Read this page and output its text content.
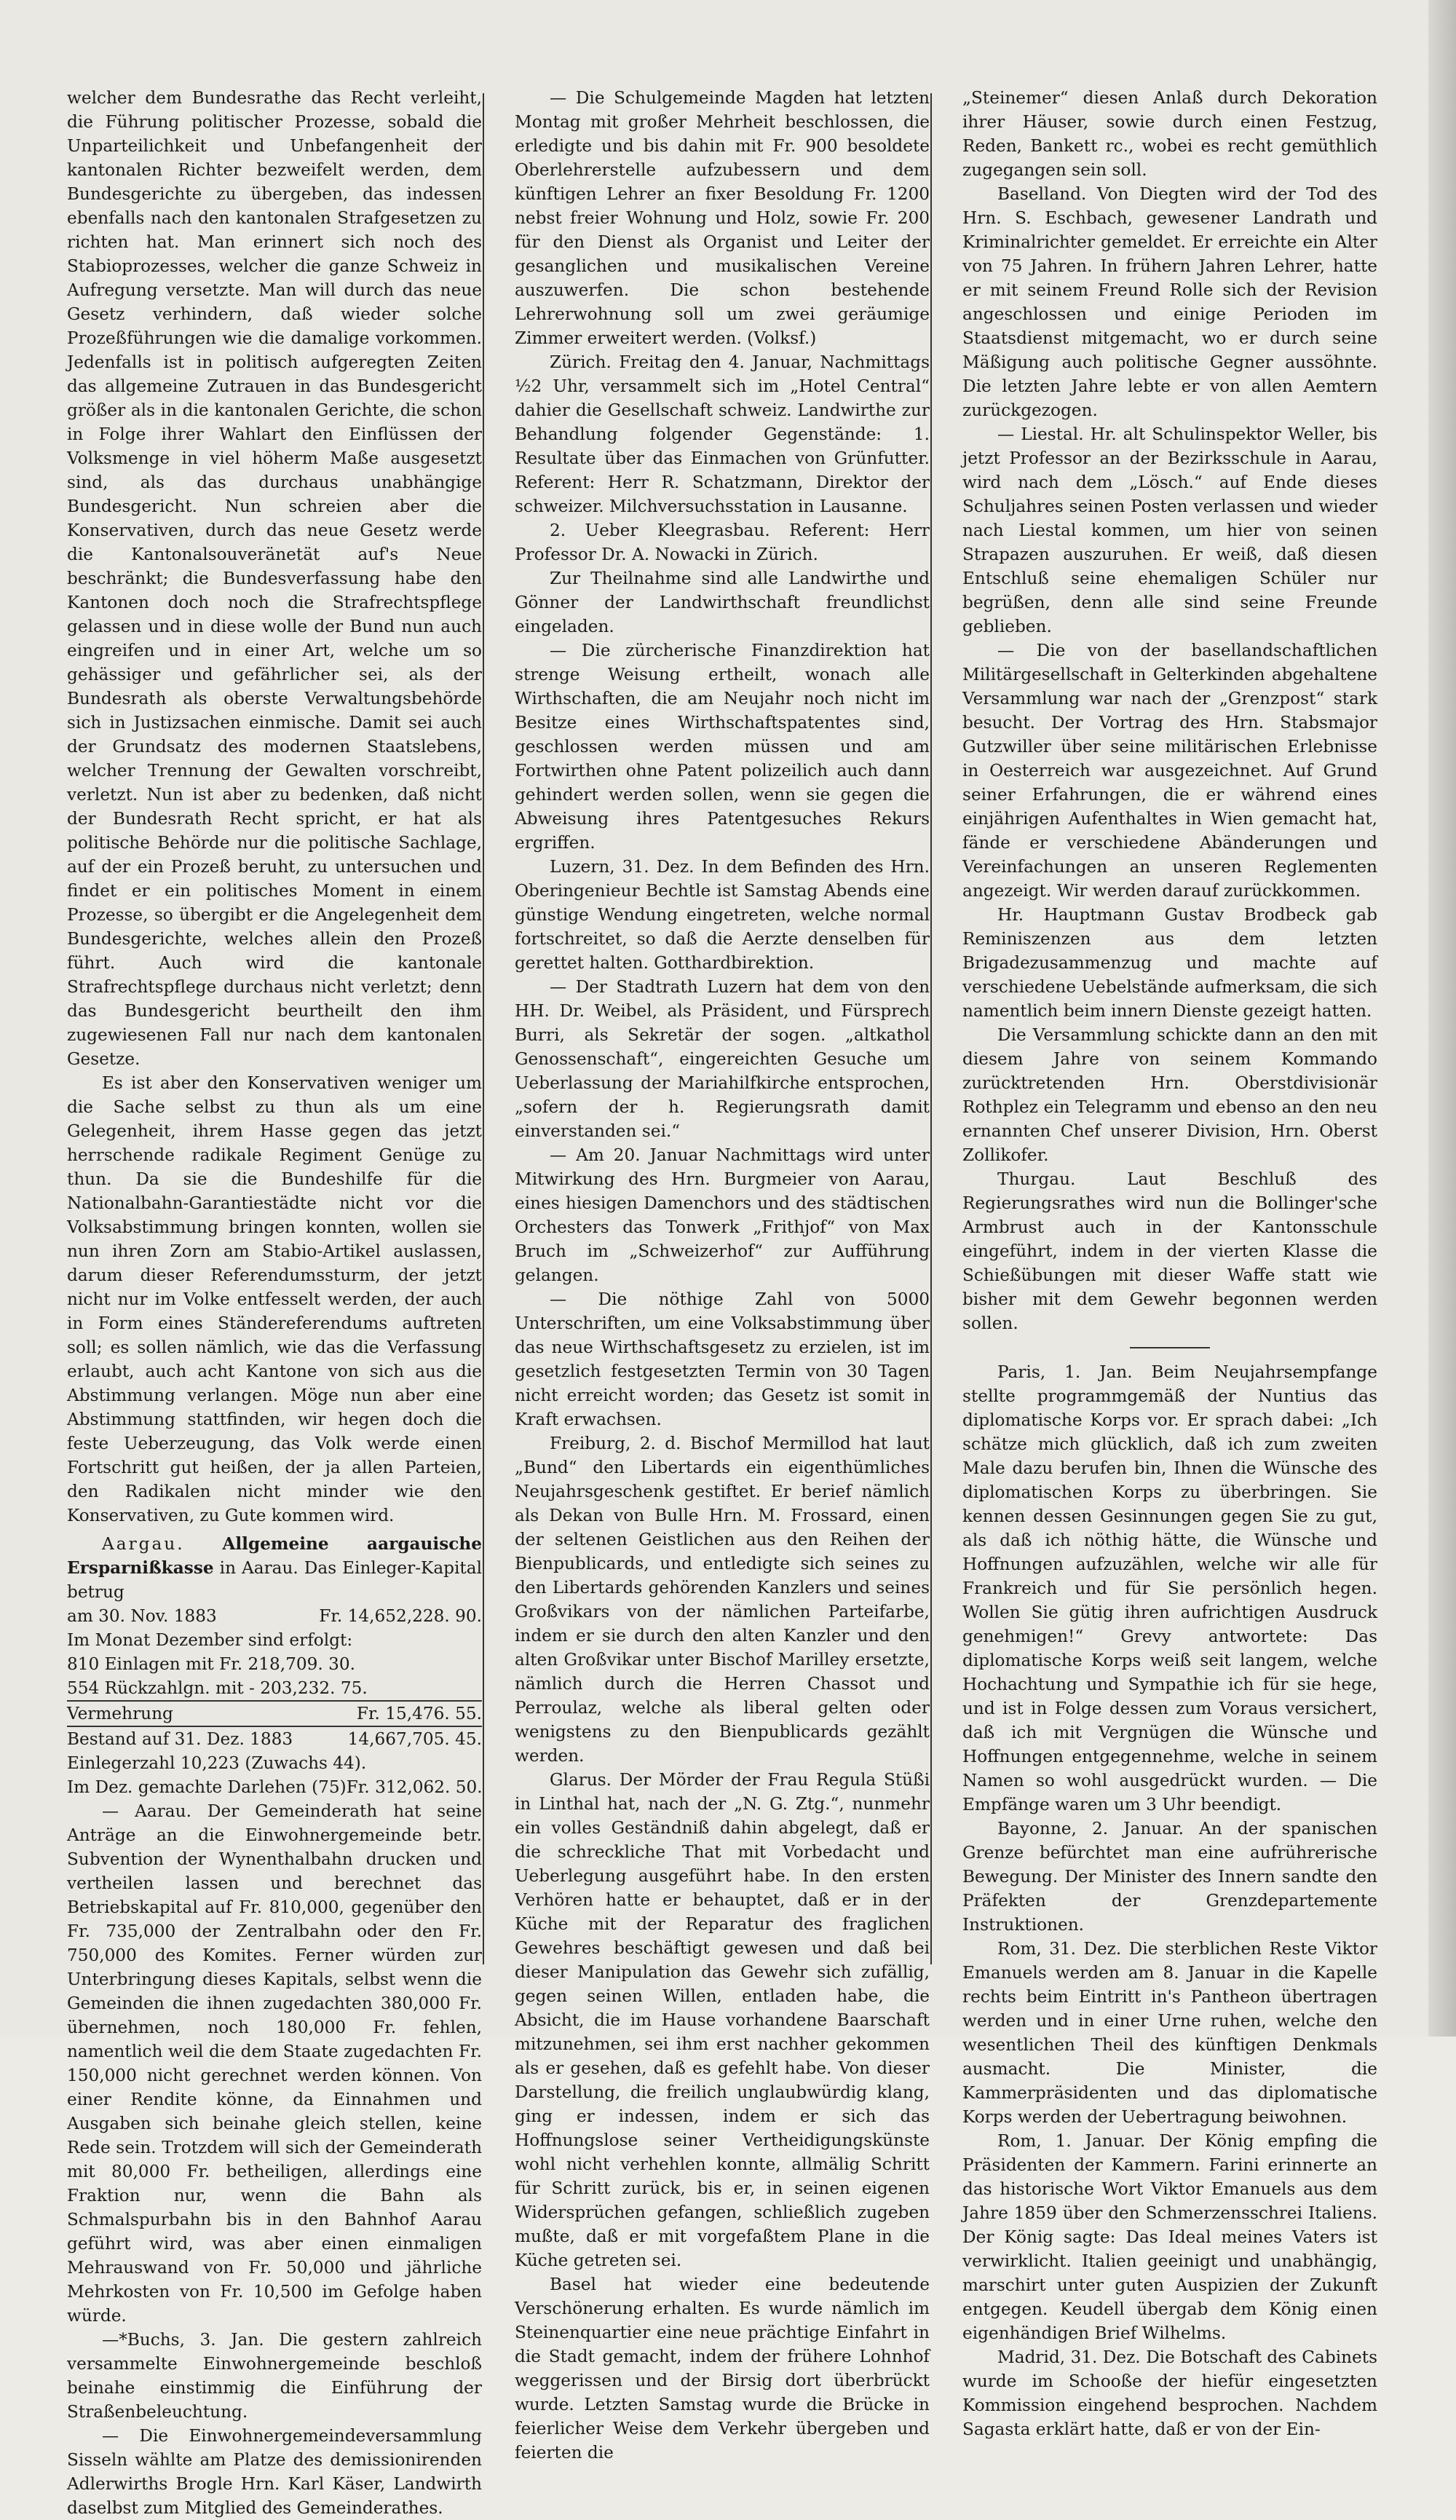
welcher dem Bundesrathe das Recht verleiht, die Führung politischer Prozesse, sobald die Unparteilichkeit und Unbefangenheit der kantonalen Richter bezweifelt werden, dem Bundesgerichte zu übergeben, das indessen ebenfalls nach den kantonalen Strafgesetzen zu richten hat. Man erinnert sich noch des Stabioprozesses, welcher die ganze Schweiz in Aufregung versetzte. Man will durch das neue Gesetz verhindern, daß wieder solche Prozeßführungen wie die damalige vorkommen. Jedenfalls ist in politisch aufgeregten Zeiten das allgemeine Zutrauen in das Bundesgericht größer als in die kantonalen Gerichte, die schon in Folge ihrer Wahlart den Einflüssen der Volksmenge in viel höherm Maße ausgesetzt sind, als das durchaus unabhängige Bundesgericht. Nun schreien aber die Konservativen, durch das neue Gesetz werde die Kantonalsouveränetät auf's Neue beschränkt; die Bundesverfassung habe den Kantonen doch noch die Strafrechtspflege gelassen und in diese wolle der Bund nun auch eingreifen und in einer Art, welche um so gehässiger und gefährlicher sei, als der Bundesrath als oberste Verwaltungsbehörde sich in Justizsachen einmische. Damit sei auch der Grundsatz des modernen Staatslebens, welcher Trennung der Gewalten vorschreibt, verletzt. Nun ist aber zu bedenken, daß nicht der Bundesrath Recht spricht, er hat als politische Behörde nur die politische Sachlage, auf der ein Prozeß beruht, zu untersuchen und findet er ein politisches Moment in einem Prozesse, so übergibt er die Angelegenheit dem Bundesgerichte, welches allein den Prozeß führt. Auch wird die kantonale Strafrechtspflege durchaus nicht verletzt; denn das Bundesgericht beurtheilt den ihm zugewiesenen Fall nur nach dem kantonalen Gesetze.

Es ist aber den Konservativen weniger um die Sache selbst zu thun als um eine Gelegenheit, ihrem Hasse gegen das jetzt herrschende radikale Regiment Genüge zu thun. Da sie die Bundeshilfe für die Nationalbahn-Garantiestädte nicht vor die Volksabstimmung bringen konnten, wollen sie nun ihren Zorn am Stabio-Artikel auslassen, darum dieser Referendumssturm, der jetzt nicht nur im Volke entfesselt werden, der auch in Form eines Ständereferendums auftreten soll; es sollen nämlich, wie das die Verfassung erlaubt, auch acht Kantone von sich aus die Abstimmung verlangen. Möge nun aber eine Abstimmung stattfinden, wir hegen doch die feste Ueberzeugung, das Volk werde einen Fortschritt gut heißen, der ja allen Parteien, den Radikalen nicht minder wie den Konservativen, zu Gute kommen wird.

Aargau. Allgemeine aargauische Ersparnißkasse in Aarau. Das Einleger-Kapital betrug

am 30. Nov. 1883	Fr. 14,652,228. 90.
Im Monat Dezember sind erfolgt:
810 Einlagen mit Fr. 218,709. 30.
554 Rückzahlgn. mit - 203,232. 75.
Vermehrung	Fr. 15,476. 55.
Bestand auf 31. Dez. 1883	14,667,705. 45.
Einlegerzahl 10,223 (Zuwachs 44).
Im Dez. gemachte Darlehen (75) Fr. 312,062. 50.

— Aarau. Der Gemeinderath hat seine Anträge an die Einwohnergemeinde betr. Subvention der Wynenthalbahn drucken und vertheilen lassen und berechnet das Betriebskapital auf Fr. 810,000, gegenüber den Fr. 735,000 der Zentralbahn oder den Fr. 750,000 des Komites. Ferner würden zur Unterbringung dieses Kapitals, selbst wenn die Gemeinden die ihnen zugedachten 380,000 Fr. übernehmen, noch 180,000 Fr. fehlen, namentlich weil die dem Staate zugedachten Fr. 150,000 nicht gerechnet werden können. Von einer Rendite könne, da Einnahmen und Ausgaben sich beinahe gleich stellen, keine Rede sein. Trotzdem will sich der Gemeinderath mit 80,000 Fr. betheiligen, allerdings eine Fraktion nur, wenn die Bahn als Schmalspurbahn bis in den Bahnhof Aarau geführt wird, was aber einen einmaligen Mehrauswand von Fr. 50,000 und jährliche Mehrkosten von Fr. 10,500 im Gefolge haben würde.

—*Buchs, 3. Jan. Die gestern zahlreich versammelte Einwohnergemeinde beschloß beinahe einstimmig die Einführung der Straßenbeleuchtung.

— Die Einwohnergemeindeversammlung Sisseln wählte am Platze des demissionirenden Adlerwirths Brogle Hrn. Karl Käser, Landwirth daselbst zum Mitglied des Gemeinderathes.

— Die Schulgemeinde Magden hat letzten Montag mit großer Mehrheit beschlossen, die erledigte und bis dahin mit Fr. 900 besoldete Oberlehrerstelle aufzubessern und dem künftigen Lehrer an fixer Besoldung Fr. 1200 nebst freier Wohnung und Holz, sowie Fr. 200 für den Dienst als Organist und Leiter der gesanglichen und musikalischen Vereine auszuwerfen. Die schon bestehende Lehrerwohnung soll um zwei geräumige Zimmer erweitert werden. (Volksf.)

Zürich. Freitag den 4. Januar, Nachmittags ½2 Uhr, versammelt sich im „Hotel Central“ dahier die Gesellschaft schweiz. Landwirthe zur Behandlung folgender Gegenstände: 1. Resultate über das Einmachen von Grünfutter. Referent: Herr R. Schatzmann, Direktor der schweizer. Milchversuchsstation in Lausanne.

2. Ueber Kleegrasbau. Referent: Herr Professor Dr. A. Nowacki in Zürich.

Zur Theilnahme sind alle Landwirthe und Gönner der Landwirthschaft freundlichst eingeladen.

— Die zürcherische Finanzdirektion hat strenge Weisung ertheilt, wonach alle Wirthschaften, die am Neujahr noch nicht im Besitze eines Wirthschaftspatentes sind, geschlossen werden müssen und am Fortwirthen ohne Patent polizeilich auch dann gehindert werden sollen, wenn sie gegen die Abweisung ihres Patentgesuches Rekurs ergriffen.

Luzern, 31. Dez. In dem Befinden des Hrn. Oberingenieur Bechtle ist Samstag Abends eine günstige Wendung eingetreten, welche normal fortschreitet, so daß die Aerzte denselben für gerettet halten. Gotthardbirektion.

— Der Stadtrath Luzern hat dem von den HH. Dr. Weibel, als Präsident, und Fürsprech Burri, als Sekretär der sogen. „altkathol Genossenschaft“, eingereichten Gesuche um Ueberlassung der Mariahilfkirche entsprochen, „sofern der h. Regierungsrath damit einverstanden sei.“

— Am 20. Januar Nachmittags wird unter Mitwirkung des Hrn. Burgmeier von Aarau, eines hiesigen Damenchors und des städtischen Orchesters das Tonwerk „Frithjof“ von Max Bruch im „Schweizerhof“ zur Aufführung gelangen.

— Die nöthige Zahl von 5000 Unterschriften, um eine Volksabstimmung über das neue Wirthschaftsgesetz zu erzielen, ist im gesetzlich festgesetzten Termin von 30 Tagen nicht erreicht worden; das Gesetz ist somit in Kraft erwachsen.

Freiburg, 2. d. Bischof Mermillod hat laut „Bund“ den Libertards ein eigenthümliches Neujahrsgeschenk gestiftet. Er berief nämlich als Dekan von Bulle Hrn. M. Frossard, einen der seltenen Geistlichen aus den Reihen der Bienpublicards, und entledigte sich seines zu den Libertards gehörenden Kanzlers und seines Großvikars von der nämlichen Parteifarbe, indem er sie durch den alten Kanzler und den alten Großvikar unter Bischof Marilley ersetzte, nämlich durch die Herren Chassot und Perroulaz, welche als liberal gelten oder wenigstens zu den Bienpublicards gezählt werden.

Glarus. Der Mörder der Frau Regula Stüßi in Linthal hat, nach der „N. G. Ztg.“, nunmehr ein volles Geständniß dahin abgelegt, daß er die schreckliche That mit Vorbedacht und Ueberlegung ausgeführt habe. In den ersten Verhören hatte er behauptet, daß er in der Küche mit der Reparatur des fraglichen Gewehres beschäftigt gewesen und daß bei dieser Manipulation das Gewehr sich zufällig, gegen seinen Willen, entladen habe, die Absicht, die im Hause vorhandene Baarschaft mitzunehmen, sei ihm erst nachher gekommen als er gesehen, daß es gefehlt habe. Von dieser Darstellung, die freilich unglaubwürdig klang, ging er indessen, indem er sich das Hoffnungslose seiner Vertheidigungskünste wohl nicht verhehlen konnte, allmälig Schritt für Schritt zurück, bis er, in seinen eigenen Widersprüchen gefangen, schließlich zugeben mußte, daß er mit vorgefaßtem Plane in die Küche getreten sei.

Basel hat wieder eine bedeutende Verschönerung erhalten. Es wurde nämlich im Steinenquartier eine neue prächtige Einfahrt in die Stadt gemacht, indem der frühere Lohnhof weggerissen und der Birsig dort überbrückt wurde. Letzten Samstag wurde die Brücke in feierlicher Weise dem Verkehr übergeben und feierten die

„Steinemer“ diesen Anlaß durch Dekoration ihrer Häuser, sowie durch einen Festzug, Reden, Bankett rc., wobei es recht gemüthlich zugegangen sein soll.

Baselland. Von Diegten wird der Tod des Hrn. S. Eschbach, gewesener Landrath und Kriminalrichter gemeldet. Er erreichte ein Alter von 75 Jahren. In frühern Jahren Lehrer, hatte er mit seinem Freund Rolle sich der Revision angeschlossen und einige Perioden im Staatsdienst mitgemacht, wo er durch seine Mäßigung auch politische Gegner aussöhnte. Die letzten Jahre lebte er von allen Aemtern zurückgezogen.

— Liestal. Hr. alt Schulinspektor Weller, bis jetzt Professor an der Bezirksschule in Aarau, wird nach dem „Lösch.“ auf Ende dieses Schuljahres seinen Posten verlassen und wieder nach Liestal kommen, um hier von seinen Strapazen auszuruhen. Er weiß, daß diesen Entschluß seine ehemaligen Schüler nur begrüßen, denn alle sind seine Freunde geblieben.

— Die von der basellandschaftlichen Militärgesellschaft in Gelterkinden abgehaltene Versammlung war nach der „Grenzpost“ stark besucht. Der Vortrag des Hrn. Stabsmajor Gutzwiller über seine militärischen Erlebnisse in Oesterreich war ausgezeichnet. Auf Grund seiner Erfahrungen, die er während eines einjährigen Aufenthaltes in Wien gemacht hat, fände er verschiedene Abänderungen und Vereinfachungen an unseren Reglementen angezeigt. Wir werden darauf zurückkommen.

Hr. Hauptmann Gustav Brodbeck gab Reminiszenzen aus dem letzten Brigadezusammenzug und machte auf verschiedene Uebelstände aufmerksam, die sich namentlich beim innern Dienste gezeigt hatten.

Die Versammlung schickte dann an den mit diesem Jahre von seinem Kommando zurücktretenden Hrn. Oberstdivisionär Rothplez ein Telegramm und ebenso an den neu ernannten Chef unserer Division, Hrn. Oberst Zollikofer.

Thurgau. Laut Beschluß des Regierungsrathes wird nun die Bollinger'sche Armbrust auch in der Kantonsschule eingeführt, indem in der vierten Klasse die Schießübungen mit dieser Waffe statt wie bisher mit dem Gewehr begonnen werden sollen.

Paris, 1. Jan. Beim Neujahrsempfange stellte programmgemäß der Nuntius das diplomatische Korps vor. Er sprach dabei: „Ich schätze mich glücklich, daß ich zum zweiten Male dazu berufen bin, Ihnen die Wünsche des diplomatischen Korps zu überbringen. Sie kennen dessen Gesinnungen gegen Sie zu gut, als daß ich nöthig hätte, die Wünsche und Hoffnungen aufzuzählen, welche wir alle für Frankreich und für Sie persönlich hegen. Wollen Sie gütig ihren aufrichtigen Ausdruck genehmigen!“ Grevy antwortete: Das diplomatische Korps weiß seit langem, welche Hochachtung und Sympathie ich für sie hege, und ist in Folge dessen zum Voraus versichert, daß ich mit Vergnügen die Wünsche und Hoffnungen entgegennehme, welche in seinem Namen so wohl ausgedrückt wurden. — Die Empfänge waren um 3 Uhr beendigt.

Bayonne, 2. Januar. An der spanischen Grenze befürchtet man eine aufrührerische Bewegung. Der Minister des Innern sandte den Präfekten der Grenzdepartemente Instruktionen.

Rom, 31. Dez. Die sterblichen Reste Viktor Emanuels werden am 8. Januar in die Kapelle rechts beim Eintritt in's Pantheon übertragen werden und in einer Urne ruhen, welche den wesentlichen Theil des künftigen Denkmals ausmacht. Die Minister, die Kammerpräsidenten und das diplomatische Korps werden der Uebertragung beiwohnen.

Rom, 1. Januar. Der König empfing die Präsidenten der Kammern. Farini erinnerte an das historische Wort Viktor Emanuels aus dem Jahre 1859 über den Schmerzensschrei Italiens. Der König sagte: Das Ideal meines Vaters ist verwirklicht. Italien geeinigt und unabhängig, marschirt unter guten Auspizien der Zukunft entgegen. Keudell übergab dem König einen eigenhändigen Brief Wilhelms.

Madrid, 31. Dez. Die Botschaft des Cabinets wurde im Schooße der hiefür eingesetzten Kommission eingehend besprochen. Nachdem Sagasta erklärt hatte, daß er von der Ein-
